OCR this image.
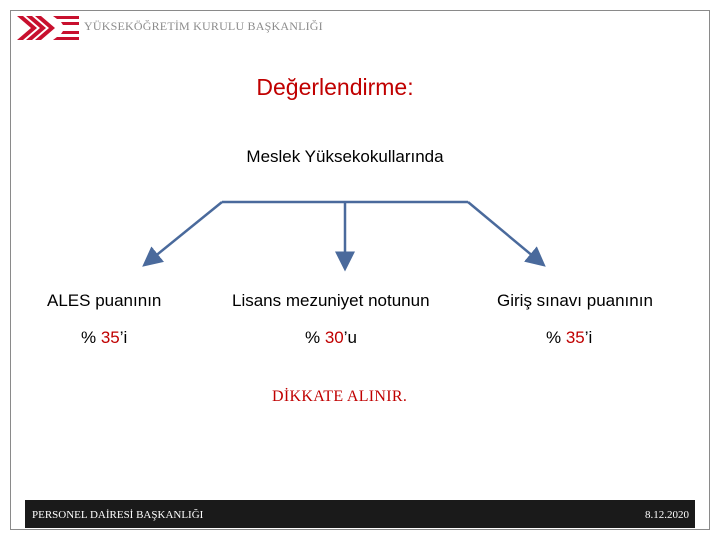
YÜKSEKÖĞRETİM KURULU BAŞKANLIĞI
Değerlendirme:
Meslek Yüksekokullarında
ALES puanının	Lisans mezuniyet notunun	Giriş sınavı puanının
% 35’i	% 30’u	% 35’i
DİKKATE ALINIR.
PERSONEL DAİRESİ BAŞKANLIĞI	8.12.2020
